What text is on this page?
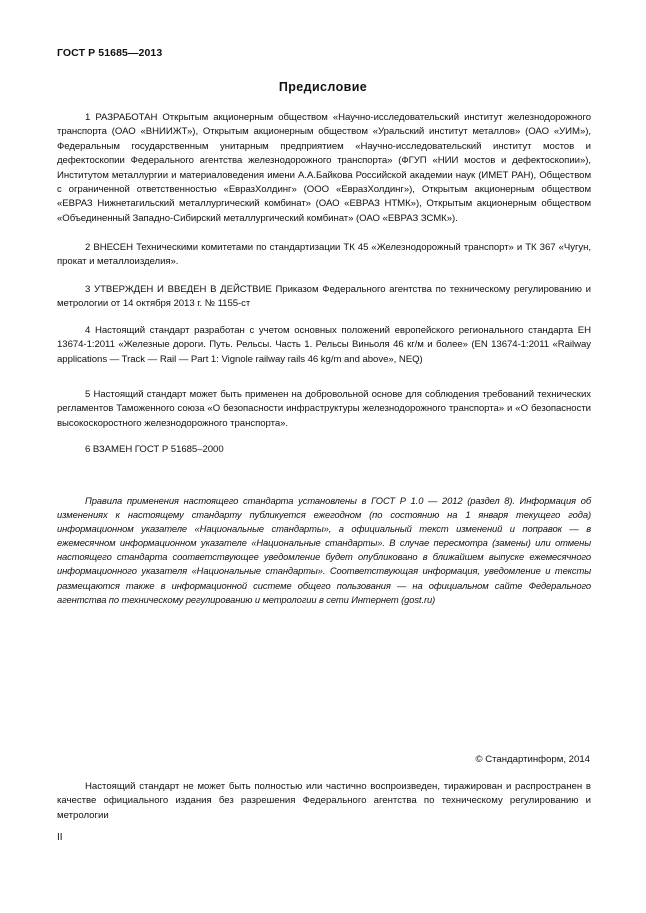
ГОСТ Р 51685—2013
Предисловие
1 РАЗРАБОТАН Открытым акционерным обществом «Научно-исследовательский институт железнодорожного транспорта (ОАО «ВНИИЖТ»), Открытым акционерным обществом «Уральский институт металлов» (ОАО «УИМ»), Федеральным государственным унитарным предприятием «Научно-исследовательский институт мостов и дефектоскопии Федерального агентства железнодорожного транспорта» (ФГУП «НИИ мостов и дефектоскопии»), Институтом металлургии и материаловедения имени А.А.Байкова Российской академии наук (ИМЕТ РАН), Обществом с ограниченной ответственностью «ЕвразХолдинг» (ООО «ЕвразХолдинг»), Открытым акционерным обществом «ЕВРАЗ Нижнетагильский металлургический комбинат» (ОАО «ЕВРАЗ НТМК»), Открытым акционерным обществом «Объединенный Западно-Сибирский металлургический комбинат» (ОАО «ЕВРАЗ ЗСМК»).
2 ВНЕСЕН Техническими комитетами по стандартизации ТК 45 «Железнодорожный транспорт» и ТК 367 «Чугун, прокат и металлоизделия».
3 УТВЕРЖДЕН И ВВЕДЕН В ДЕЙСТВИЕ Приказом Федерального агентства по техническому регулированию и метрологии от 14 октября 2013 г. № 1155-ст
4 Настоящий стандарт разработан с учетом основных положений европейского регионального стандарта ЕН 13674-1:2011 «Железные дороги. Путь. Рельсы. Часть 1. Рельсы Виньоля 46 кг/м и более» (EN 13674-1:2011 «Railway applications — Track — Rail — Part 1: Vignole railway rails 46 kg/m and above», NEQ)
5 Настоящий стандарт может быть применен на добровольной основе для соблюдения требований технических регламентов Таможенного союза «О безопасности инфраструктуры железнодорожного транспорта» и «О безопасности высокоскоростного железнодорожного транспорта».
6 ВЗАМЕН ГОСТ Р 51685–2000
Правила применения настоящего стандарта установлены в ГОСТ Р 1.0 — 2012 (раздел 8). Информация об изменениях к настоящему стандарту публикуется ежегодном (по состоянию на 1 января текущего года) информационном указателе «Национальные стандарты», а официальный текст изменений и поправок — в ежемесячном информационном указателе «Национальные стандарты». В случае пересмотра (замены) или отмены настоящего стандарта соответствующее уведомление будет опубликовано в ближайшем выпуске ежемесячного информационного указателя «Национальные стандарты». Соответствующая информация, уведомление и тексты размещаются также в информационной системе общего пользования — на официальном сайте Федерального агентства по техническому регулированию и метрологии в сети Интернет (gost.ru)
© Стандартинформ, 2014
Настоящий стандарт не может быть полностью или частично воспроизведен, тиражирован и распространен в качестве официального издания без разрешения Федерального агентства по техническому регулированию и метрологии
II
